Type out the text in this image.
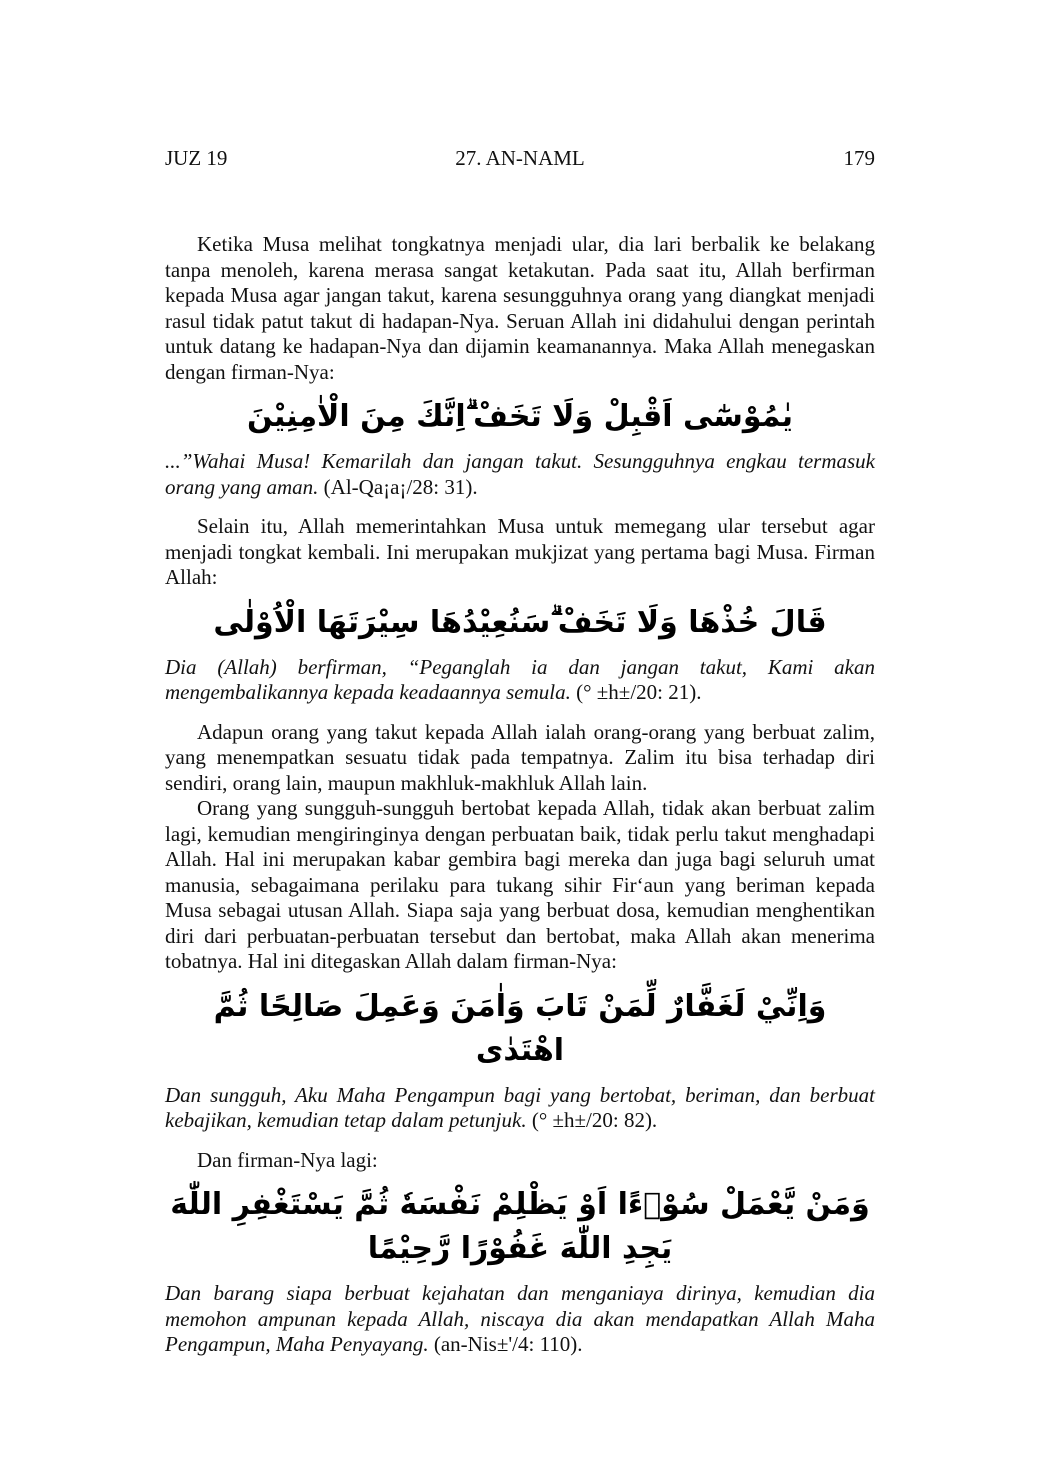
JUZ 19	27. AN-NAML	179

Ketika Musa melihat tongkatnya menjadi ular, dia lari berbalik ke belakang tanpa menoleh, karena merasa sangat ketakutan. Pada saat itu, Allah berfirman kepada Musa agar jangan takut, karena sesungguhnya orang yang diangkat menjadi rasul tidak patut takut di hadapan-Nya. Seruan Allah ini didahului dengan perintah untuk datang ke hadapan-Nya dan dijamin keamanannya. Maka Allah menegaskan dengan firman-Nya:

يٰمُوْسٰٓى اَقْبِلْ وَلَا تَخَفْ ۗاِنَّكَ مِنَ الْاٰمِنِيْنَ

...”Wahai Musa! Kemarilah dan jangan takut. Sesungguhnya engkau termasuk orang yang aman. (Al-Qa¡a¡/28: 31).

Selain itu, Allah memerintahkan Musa untuk memegang ular tersebut agar menjadi tongkat kembali. Ini merupakan mukjizat yang pertama bagi Musa. Firman Allah:

قَالَ خُذْهَا وَلَا تَخَفْ ۗسَنُعِيْدُهَا سِيْرَتَهَا الْاُوْلٰى

Dia (Allah) berfirman, “Peganglah ia dan jangan takut, Kami akan mengembalikannya kepada keadaannya semula. (° ±h±/20: 21).

Adapun orang yang takut kepada Allah ialah orang-orang yang berbuat zalim, yang menempatkan sesuatu tidak pada tempatnya. Zalim itu bisa terhadap diri sendiri, orang lain, maupun makhluk-makhluk Allah lain.

Orang yang sungguh-sungguh bertobat kepada Allah, tidak akan berbuat zalim lagi, kemudian mengiringinya dengan perbuatan baik, tidak perlu takut menghadapi Allah. Hal ini merupakan kabar gembira bagi mereka dan juga bagi seluruh umat manusia, sebagaimana perilaku para tukang sihir Fir‘aun yang beriman kepada Musa sebagai utusan Allah. Siapa saja yang berbuat dosa, kemudian menghentikan diri dari perbuatan-perbuatan tersebut dan bertobat, maka Allah akan menerima tobatnya. Hal ini ditegaskan Allah dalam firman-Nya:

وَاِنِّيْ لَغَفَّارٌ لِّمَنْ تَابَ وَاٰمَنَ وَعَمِلَ صَالِحًا ثُمَّ اهْتَدٰى

Dan sungguh, Aku Maha Pengampun bagi yang bertobat, beriman, dan berbuat kebajikan, kemudian tetap dalam petunjuk. (° ±h±/20: 82).

Dan firman-Nya lagi:

وَمَنْ يَّعْمَلْ سُوْۤءًا اَوْ يَظْلِمْ نَفْسَهٗ ثُمَّ يَسْتَغْفِرِ اللّٰهَ يَجِدِ اللّٰهَ غَفُوْرًا رَّحِيْمًا

Dan barang siapa berbuat kejahatan dan menganiaya dirinya, kemudian dia memohon ampunan kepada Allah, niscaya dia akan mendapatkan Allah Maha Pengampun, Maha Penyayang. (an-Nis±'/4: 110).
